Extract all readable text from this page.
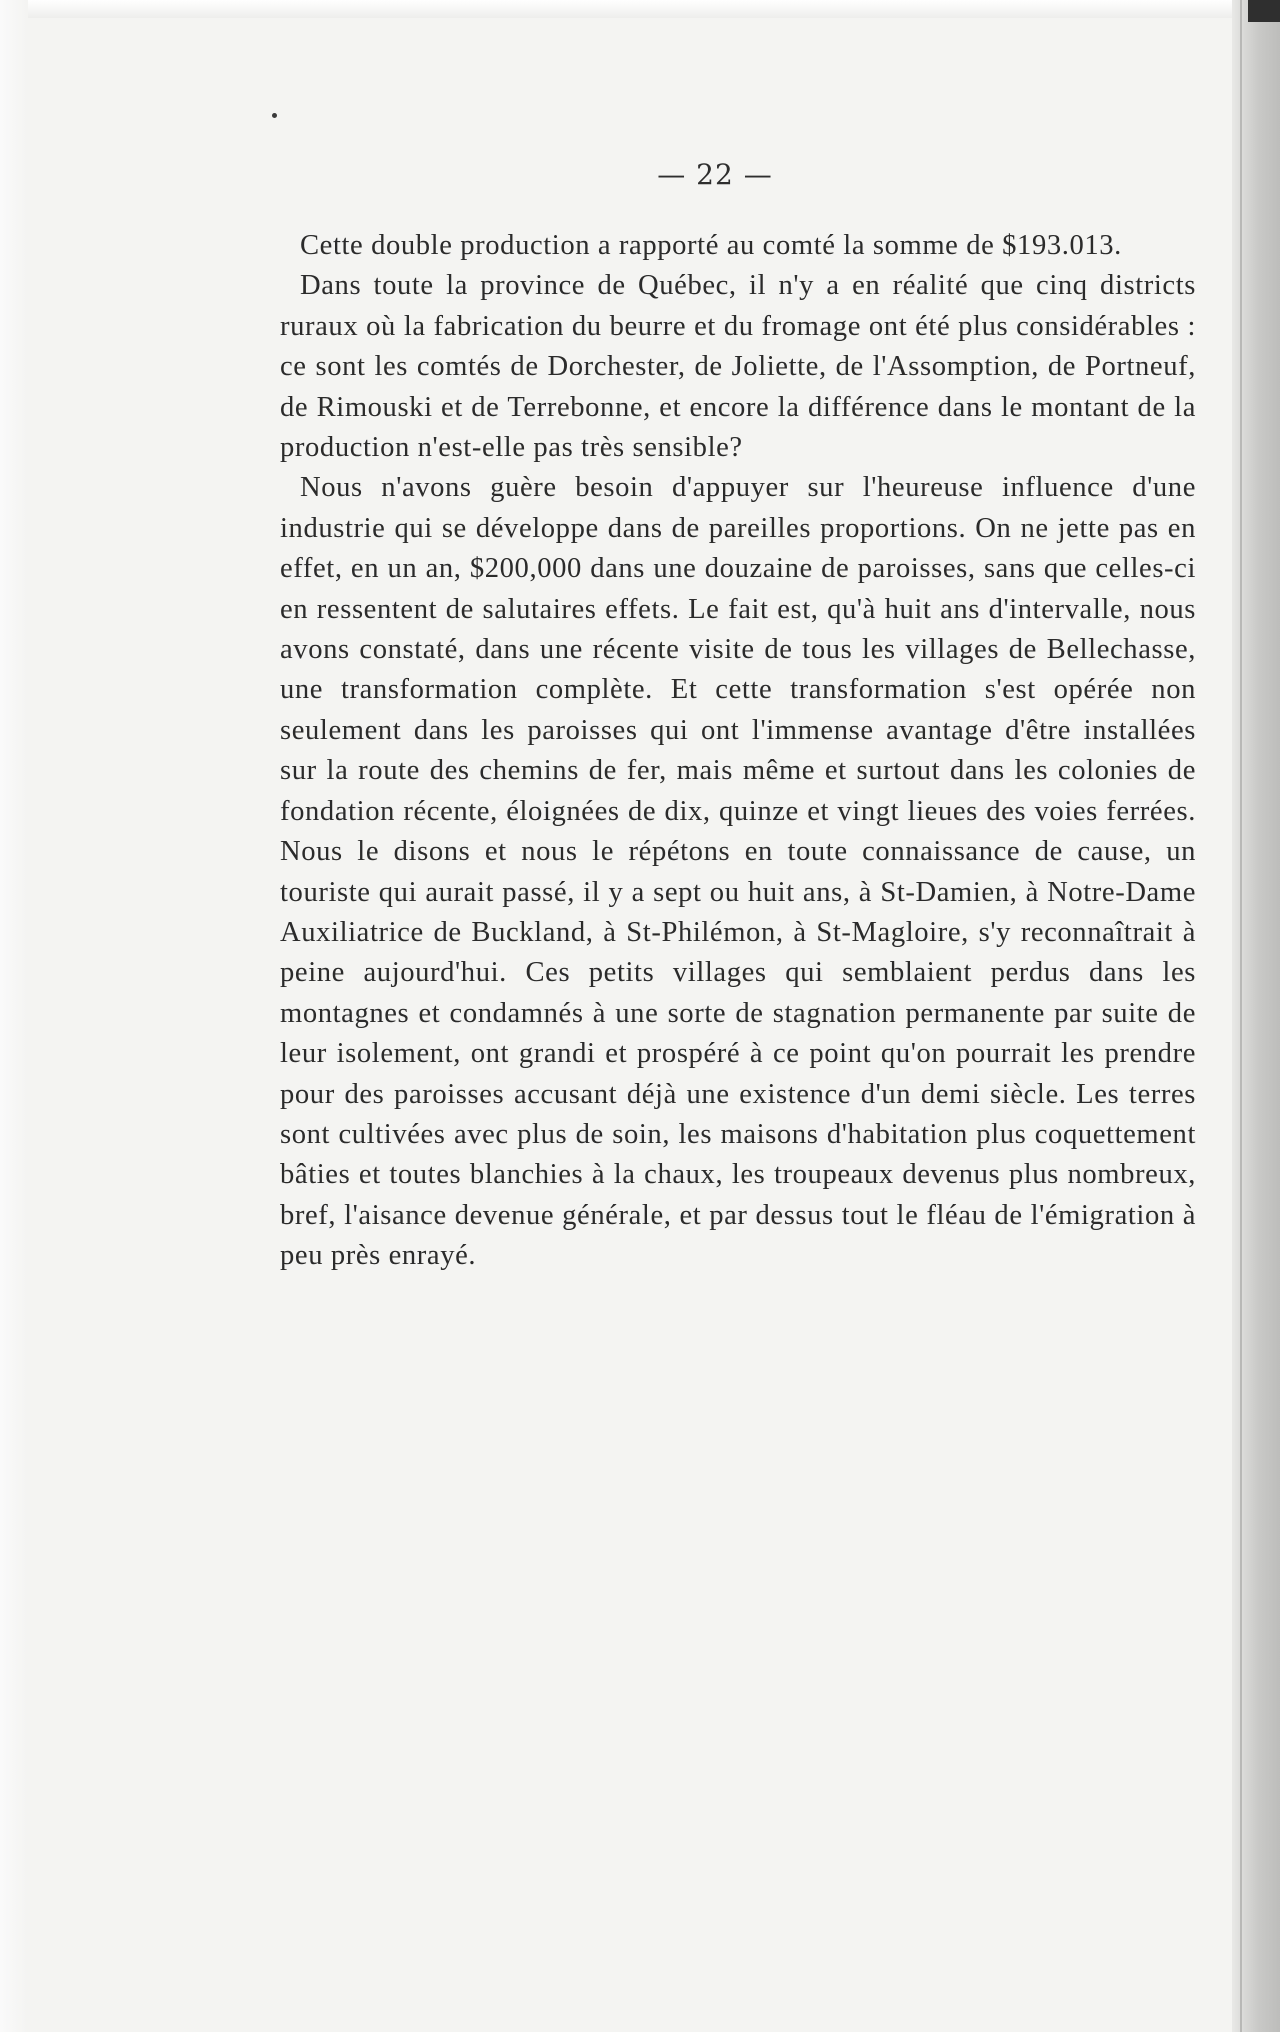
— 22 —

Cette double production a rapporté au comté la somme de $193.013.

Dans toute la province de Québec, il n'y a en réalité que cinq districts ruraux où la fabrication du beurre et du fromage ont été plus considérables : ce sont les comtés de Dorchester, de Joliette, de l'Assomption, de Portneuf, de Rimouski et de Terrebonne, et encore la différence dans le montant de la production n'est-elle pas très sensible?

Nous n'avons guère besoin d'appuyer sur l'heureuse influence d'une industrie qui se développe dans de pareilles proportions. On ne jette pas en effet, en un an, $200,000 dans une douzaine de paroisses, sans que celles-ci en ressentent de salutaires effets. Le fait est, qu'à huit ans d'intervalle, nous avons constaté, dans une récente visite de tous les villages de Bellechasse, une transformation complète. Et cette transformation s'est opérée non seulement dans les paroisses qui ont l'immense avantage d'être installées sur la route des chemins de fer, mais même et surtout dans les colonies de fondation récente, éloignées de dix, quinze et vingt lieues des voies ferrées. Nous le disons et nous le répétons en toute connaissance de cause, un touriste qui aurait passé, il y a sept ou huit ans, à St-Damien, à Notre-Dame Auxiliatrice de Buckland, à St-Philémon, à St-Magloire, s'y reconnaîtrait à peine aujourd'hui. Ces petits villages qui semblaient perdus dans les montagnes et condamnés à une sorte de stagnation permanente par suite de leur isolement, ont grandi et prospéré à ce point qu'on pourrait les prendre pour des paroisses accusant déjà une existence d'un demi siècle. Les terres sont cultivées avec plus de soin, les maisons d'habitation plus coquettement bâties et toutes blanchies à la chaux, les troupeaux devenus plus nombreux, bref, l'aisance devenue générale, et par dessus tout le fléau de l'émigration à peu près enrayé.
